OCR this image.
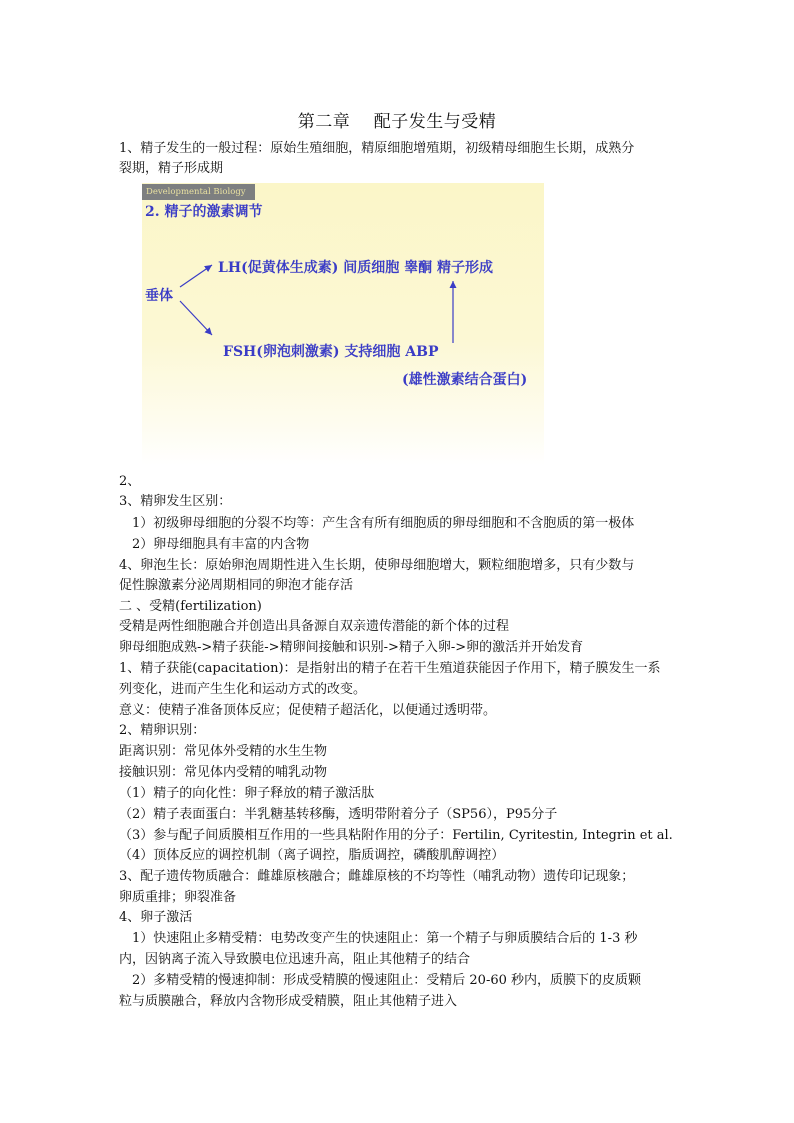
第二章　 配子发生与受精
1、精子发生的一般过程：原始生殖细胞，精原细胞增殖期，初级精母细胞生长期，成熟分
裂期，精子形成期
Developmental Biology
2. 精子的激素调节
LH(促黄体生成素) 间质细胞 睾酮 精子形成
垂体
FSH(卵泡刺激素) 支持细胞 ABP
(雄性激素结合蛋白)
2、
3、精卵发生区别：
　1）初级卵母细胞的分裂不均等：产生含有所有细胞质的卵母细胞和不含胞质的第一极体
　2）卵母细胞具有丰富的内含物
4、卵泡生长：原始卵泡周期性进入生长期，使卵母细胞增大，颗粒细胞增多，只有少数与
促性腺激素分泌周期相同的卵泡才能存活
二 、受精(fertilization)
受精是两性细胞融合并创造出具备源自双亲遗传潜能的新个体的过程
卵母细胞成熟->精子获能->精卵间接触和识别->精子入卵->卵的激活并开始发育
1、精子获能(capacitation)：是指射出的精子在若干生殖道获能因子作用下，精子膜发生一系
列变化，进而产生生化和运动方式的改变。
意义：使精子准备顶体反应；促使精子超活化，以便通过透明带。
2、精卵识别：
距离识别：常见体外受精的水生生物
接触识别：常见体内受精的哺乳动物
（1）精子的向化性：卵子释放的精子激活肽
（2）精子表面蛋白：半乳糖基转移酶，透明带附着分子（SP56），P95分子
（3）参与配子间质膜相互作用的一些具粘附作用的分子：Fertilin, Cyritestin, Integrin et al.
（4）顶体反应的调控机制（离子调控，脂质调控，磷酸肌醇调控）
3、配子遗传物质融合：雌雄原核融合；雌雄原核的不均等性（哺乳动物）遗传印记现象；
卵质重排；卵裂准备
4、卵子激活
　1）快速阻止多精受精：电势改变产生的快速阻止：第一个精子与卵质膜结合后的 1-3 秒
内，因钠离子流入导致膜电位迅速升高，阻止其他精子的结合
　2）多精受精的慢速抑制：形成受精膜的慢速阻止：受精后 20-60 秒内，质膜下的皮质颗
粒与质膜融合，释放内含物形成受精膜，阻止其他精子进入
